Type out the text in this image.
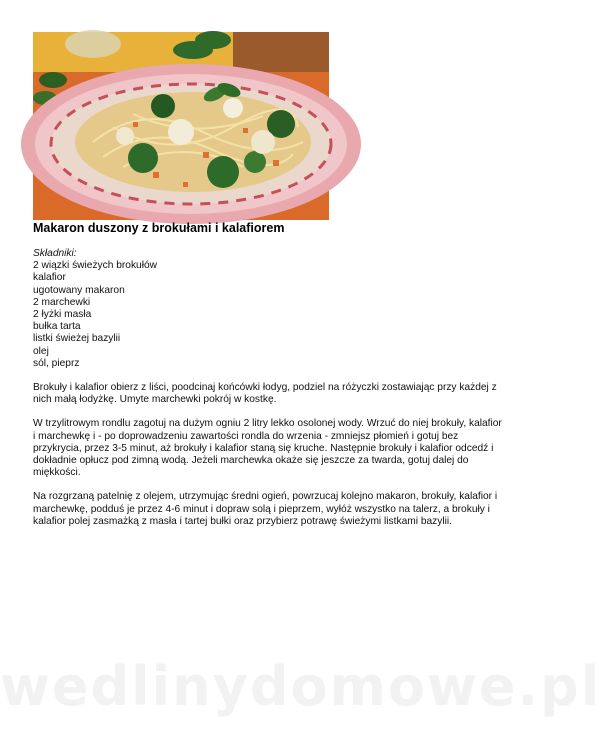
Makaron duszony z brokułami i kalafiorem
Składniki:
2 wiązki świeżych brokułów
kalafior
ugotowany makaron
2 marchewki
2 łyżki masła
bułka tarta
listki świeżej bazylii
olej
sól, pieprz

Brokuły i kalafior obierz z liści, poodcinaj końcówki łodyg, podziel na różyczki zostawiając przy każdej z nich małą łodyżkę. Umyte marchewki pokrój w kostkę.

W trzylitrowym rondlu zagotuj na dużym ogniu 2 litry lekko osolonej wody. Wrzuć do niej brokuły, kalafior i marchewkę i - po doprowadzeniu zawartości rondla do wrzenia - zmniejsz płomień i gotuj bez przykrycia, przez 3-5 minut, aż brokuły i kalafior staną się kruche. Następnie brokuły i kalafior odcedź i dokładnie opłucz pod zimną wodą. Jeżeli marchewka okaże się jeszcze za twarda, gotuj dalej do miękkości.

Na rozgrzaną patelnię z olejem, utrzymując średni ogień, powrzucaj kolejno makaron, brokuły, kalafior i marchewkę, podduś je przez 4-6 minut i dopraw solą i pieprzem, wyłóż wszystko na talerz, a brokuły i kalafior polej zasmażką z masła i tartej bułki oraz przybierz potrawę świeżymi listkami bazylii.

wedlinydomowe.pl
